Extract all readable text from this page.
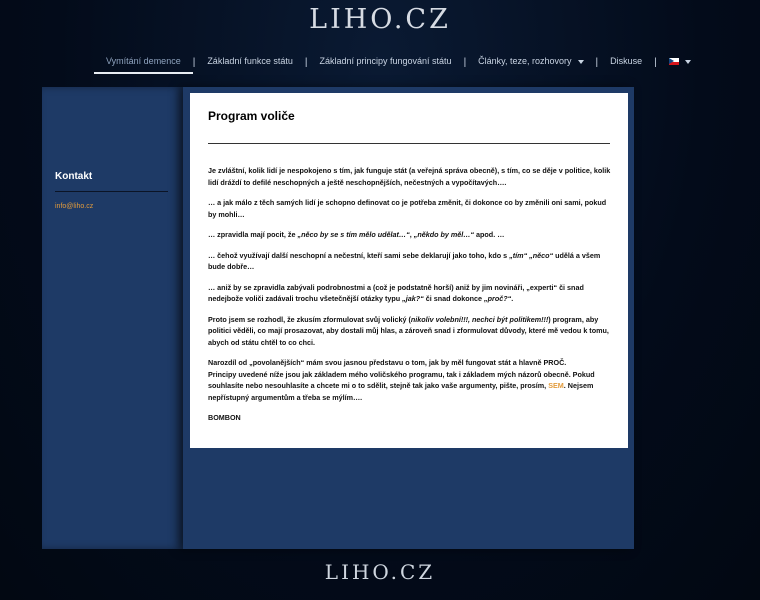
LIHO.CZ
Vymítání demence	|	Základní funkce státu	|	Základní principy fungování státu	|	Články, teze, rozhovory	|	Diskuse	|
Kontakt
info@liho.cz
Program voliče

Je zvláštní, kolik lidí je nespokojeno s tím, jak funguje stát (a veřejná správa obecně), s tím, co se děje v politice, kolik lidí dráždí to defilé neschopných a ještě neschopnějších, nečestných a vypočítavých….

… a jak málo z těch samých lidí je schopno definovat co je potřeba změnit, či dokonce co by změnili oni sami, pokud by mohli…

… zpravidla mají pocit, že „něco by se s tím mělo udělat…“, „někdo by měl…“ apod. …

… čehož využívají další neschopní a nečestní, kteří sami sebe deklarují jako toho, kdo s „tím“ „něco“ udělá a všem bude dobře…

… aniž by se zpravidla zabývali podrobnostmi a (což je podstatně horší) aniž by jim novináři, „experti“ či snad nedejbože voliči zadávali trochu všetečnější otázky typu „jak?“ či snad dokonce „proč?“.

Proto jsem se rozhodl, že zkusím zformulovat svůj volický (nikoliv volební!!!, nechci být politikem!!!) program, aby politici věděli, co mají prosazovat, aby dostali můj hlas, a zároveň snad i zformulovat důvody, které mě vedou k tomu, abych od státu chtěl to co chci.

Narozdíl od „povolanějších“ mám svou jasnou představu o tom, jak by měl fungovat stát a hlavně PROČ.

Principy uvedené níže jsou jak základem mého voličského programu, tak i základem mých názorů obecně. Pokud souhlasíte nebo nesouhlasíte a chcete mi o to sdělit, stejně tak jako vaše argumenty, pište, prosím, SEM. Nejsem nepřístupný argumentům a třeba se mýlím….

BOMBON

LIHO.CZ
